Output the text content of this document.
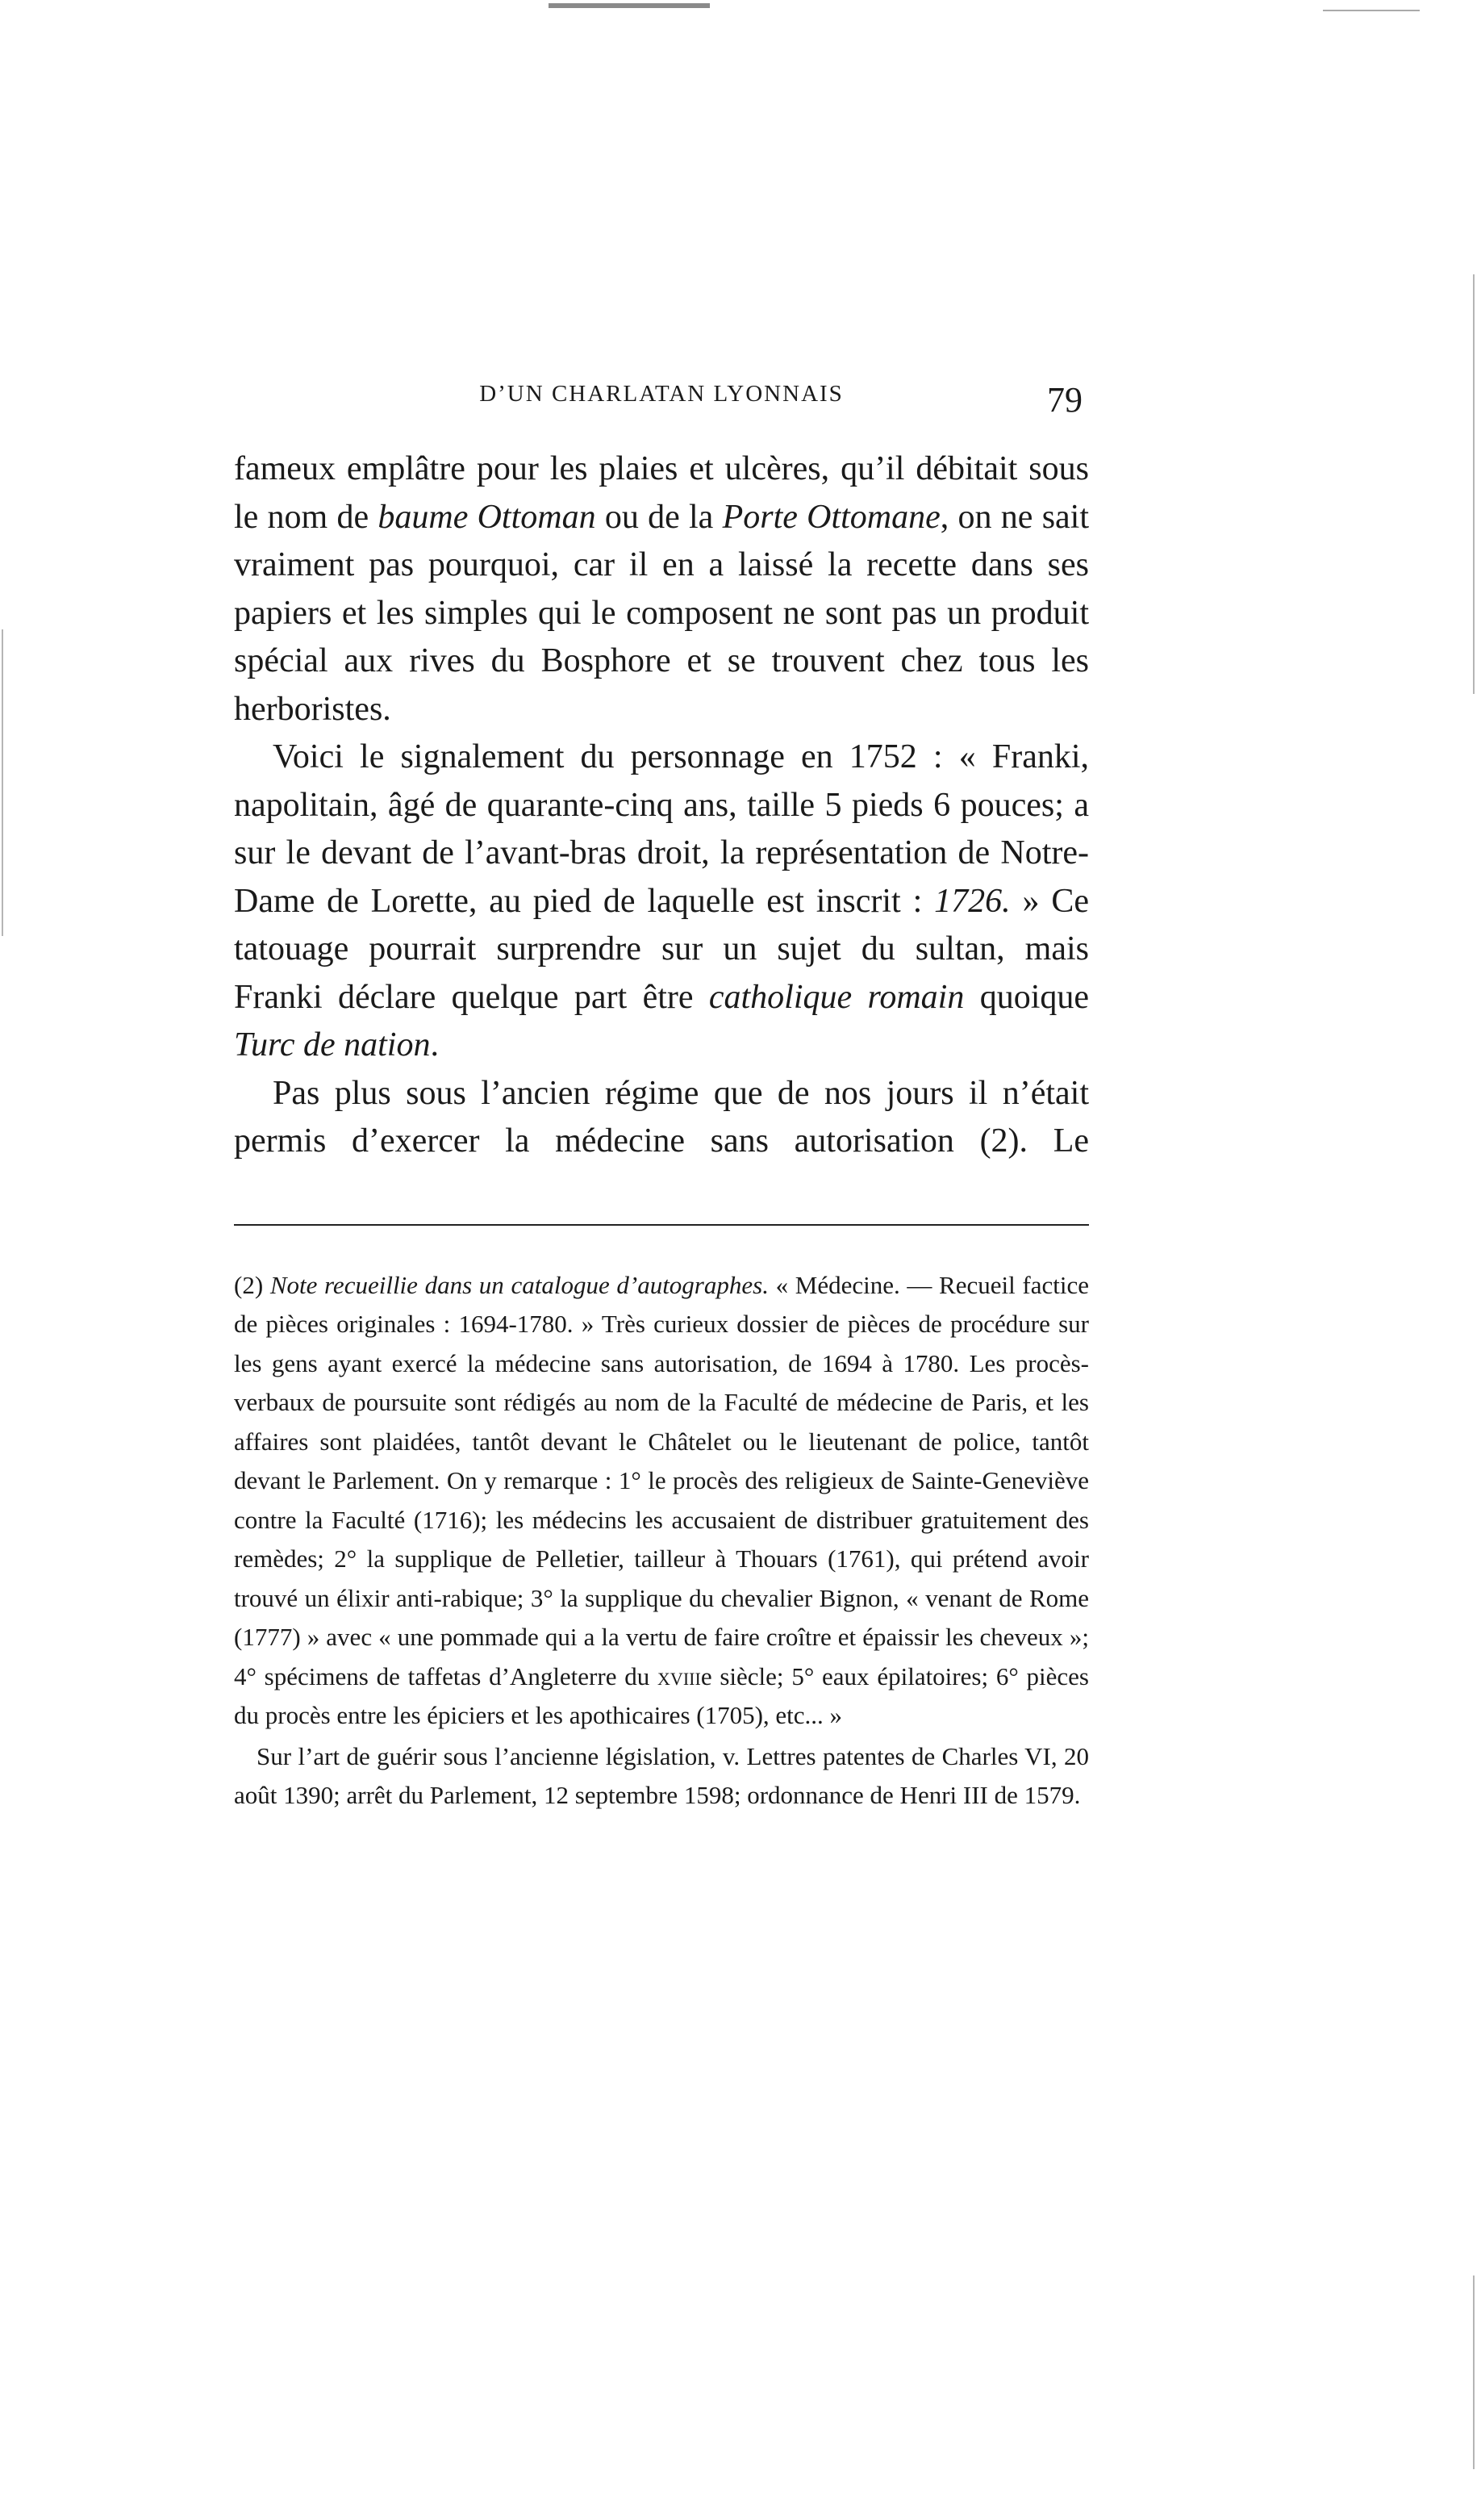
D’UN CHARLATAN LYONNAIS	79

fameux emplâtre pour les plaies et ulcères, qu’il débitait sous le nom de baume Ottoman ou de la Porte Ottomane, on ne sait vraiment pas pourquoi, car il en a laissé la recette dans ses papiers et les simples qui le composent ne sont pas un produit spécial aux rives du Bosphore et se trouvent chez tous les herboristes.

Voici le signalement du personnage en 1752 : « Franki, napolitain, âgé de quarante-cinq ans, taille 5 pieds 6 pouces; a sur le devant de l’avant-bras droit, la représentation de Notre-Dame de Lorette, au pied de laquelle est inscrit : 1726. » Ce tatouage pourrait surprendre sur un sujet du sultan, mais Franki déclare quelque part être catholique romain quoique Turc de nation.

Pas plus sous l’ancien régime que de nos jours il n’était permis d’exercer la médecine sans autorisation (2). Le

(2) Note recueillie dans un catalogue d’autographes. « Médecine. — Recueil factice de pièces originales : 1694-1780. » Très curieux dossier de pièces de procédure sur les gens ayant exercé la médecine sans autorisation, de 1694 à 1780. Les procès-verbaux de poursuite sont rédigés au nom de la Faculté de médecine de Paris, et les affaires sont plaidées, tantôt devant le Châtelet ou le lieutenant de police, tantôt devant le Parlement. On y remarque : 1° le procès des religieux de Sainte-Geneviève contre la Faculté (1716); les médecins les accusaient de distribuer gratuitement des remèdes; 2° la supplique de Pelletier, tailleur à Thouars (1761), qui prétend avoir trouvé un élixir anti-rabique; 3° la supplique du chevalier Bignon, « venant de Rome (1777) » avec « une pommade qui a la vertu de faire croître et épaissir les cheveux »; 4° spécimens de taffetas d’Angleterre du xviiie siècle; 5° eaux épilatoires; 6° pièces du procès entre les épiciers et les apothicaires (1705), etc... »

Sur l’art de guérir sous l’ancienne législation, v. Lettres patentes de Charles VI, 20 août 1390; arrêt du Parlement, 12 septembre 1598; ordonnance de Henri III de 1579.
